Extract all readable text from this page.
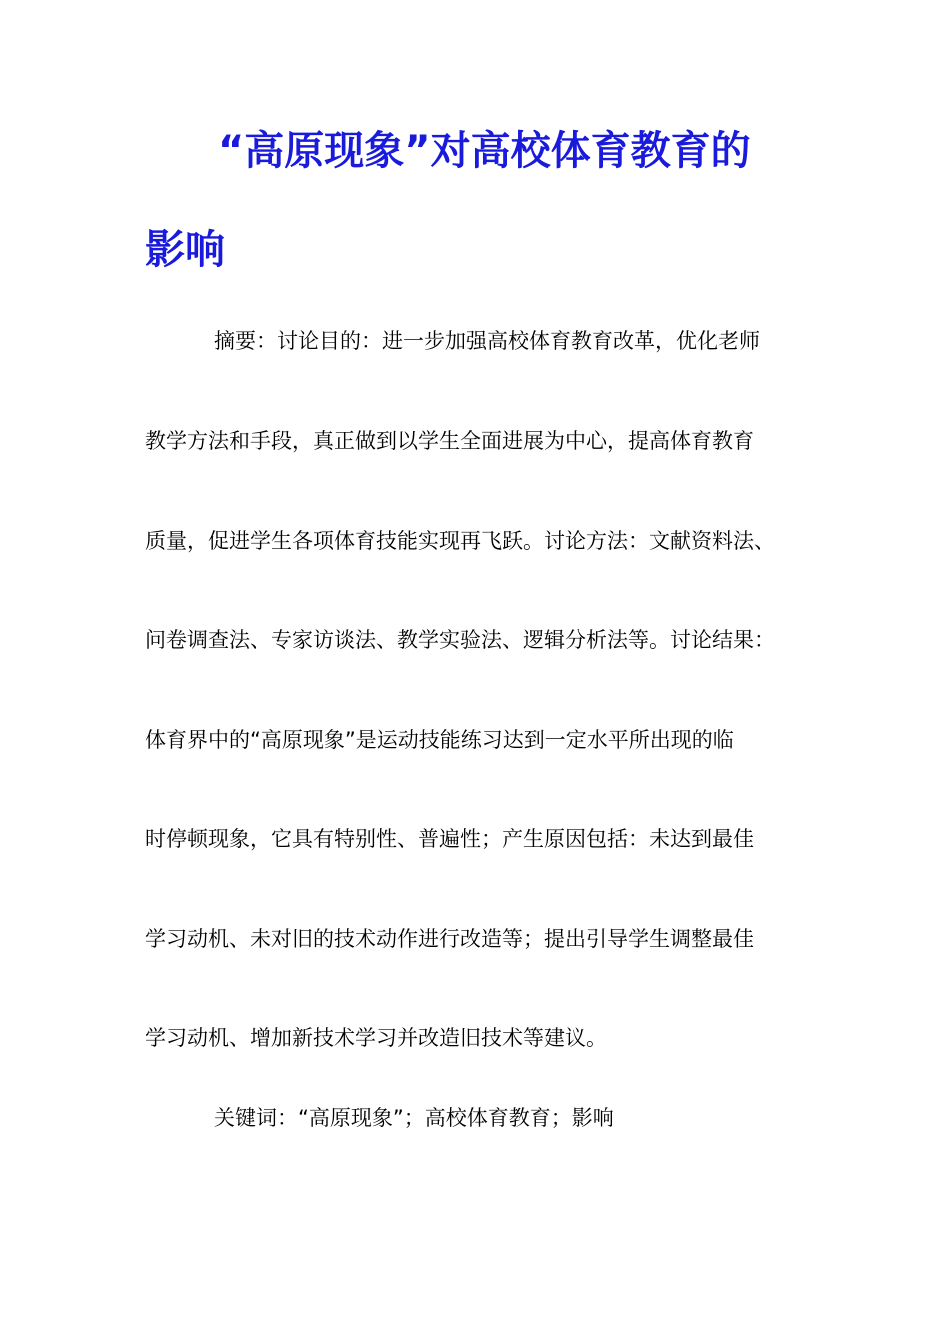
“高原现象”对高校体育教育的
影响
摘要：讨论目的：进一步加强高校体育教育改革，优化老师
教学方法和手段，真正做到以学生全面进展为中心，提高体育教育
质量，促进学生各项体育技能实现再飞跃。讨论方法：文献资料法、
问卷调查法、专家访谈法、教学实验法、逻辑分析法等。讨论结果：
体育界中的“高原现象”是运动技能练习达到一定水平所出现的临
时停顿现象，它具有特别性、普遍性；产生原因包括：未达到最佳
学习动机、未对旧的技术动作进行改造等；提出引导学生调整最佳
学习动机、增加新技术学习并改造旧技术等建议。
关键词：“高原现象”；高校体育教育；影响
